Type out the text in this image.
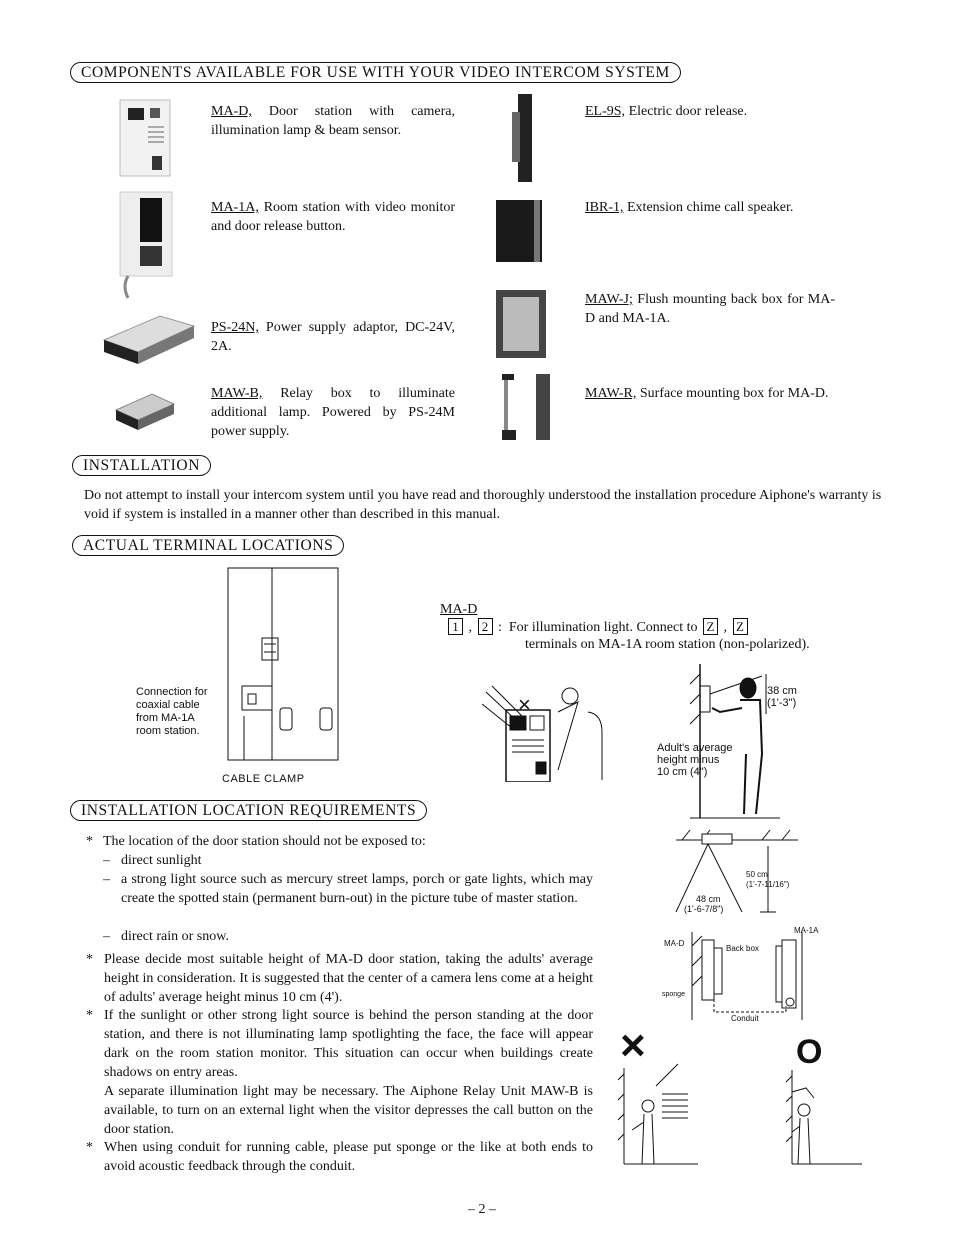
COMPONENTS AVAILABLE FOR USE WITH YOUR VIDEO INTERCOM SYSTEM
MA-D, Door station with camera, illumination lamp & beam sensor.
EL-9S, Electric door release.
MA-1A, Room station with video monitor and door release button.
IBR-1, Extension chime call speaker.
MAW-J; Flush mounting back box for MA-D and MA-1A.
PS-24N, Power supply adaptor, DC-24V, 2A.
MAW-B, Relay box to illuminate additional lamp. Powered by PS-24M power supply.
MAW-R, Surface mounting box for MA-D.
INSTALLATION
Do not attempt to install your intercom system until you have read and thoroughly understood the installation procedure Aiphone's warranty is void if system is installed in a manner other than described in this manual.
ACTUAL TERMINAL LOCATIONS
Connection for
coaxial cable
from MA-1A
room station.
CABLE CLAMP
MA-D
1 , 2 :  For illumination light. Connect to Z , Z
terminals on MA-1A room station (non-polarized).
×
38 cm
(1'-3")
Adult's average
height minus
10 cm (4")
INSTALLATION LOCATION REQUIREMENTS
* The location of the door station should not be exposed to:
– direct sunlight
– a strong light source such as mercury street lamps, porch or gate lights, which may create the spotted stain (permanent burn-out) in the picture tube of master station.
– direct rain or snow.
* Please decide most suitable height of MA-D door station, taking the adults' average height in consideration. It is suggested that the center of a camera lens come at a height of adults' average height minus 10 cm (4').
* If the sunlight or other strong light source is behind the person standing at the door station, and there is not illuminating lamp spotlighting the face, the face will appear dark on the room station monitor. This situation can occur when buildings create shadows on entry areas.
A separate illumination light may be necessary. The Aiphone Relay Unit MAW-B is available, to turn on an external light when the visitor depresses the call button on the door station.
* When using conduit for running cable, please put sponge or the like at both ends to avoid acoustic feedback through the conduit.
50 cm
(1'-7-11/16")
48 cm
(1'-6-7/8")
MA-D
MA-1A
Back box
sponge
Conduit
×	O
– 2 –
